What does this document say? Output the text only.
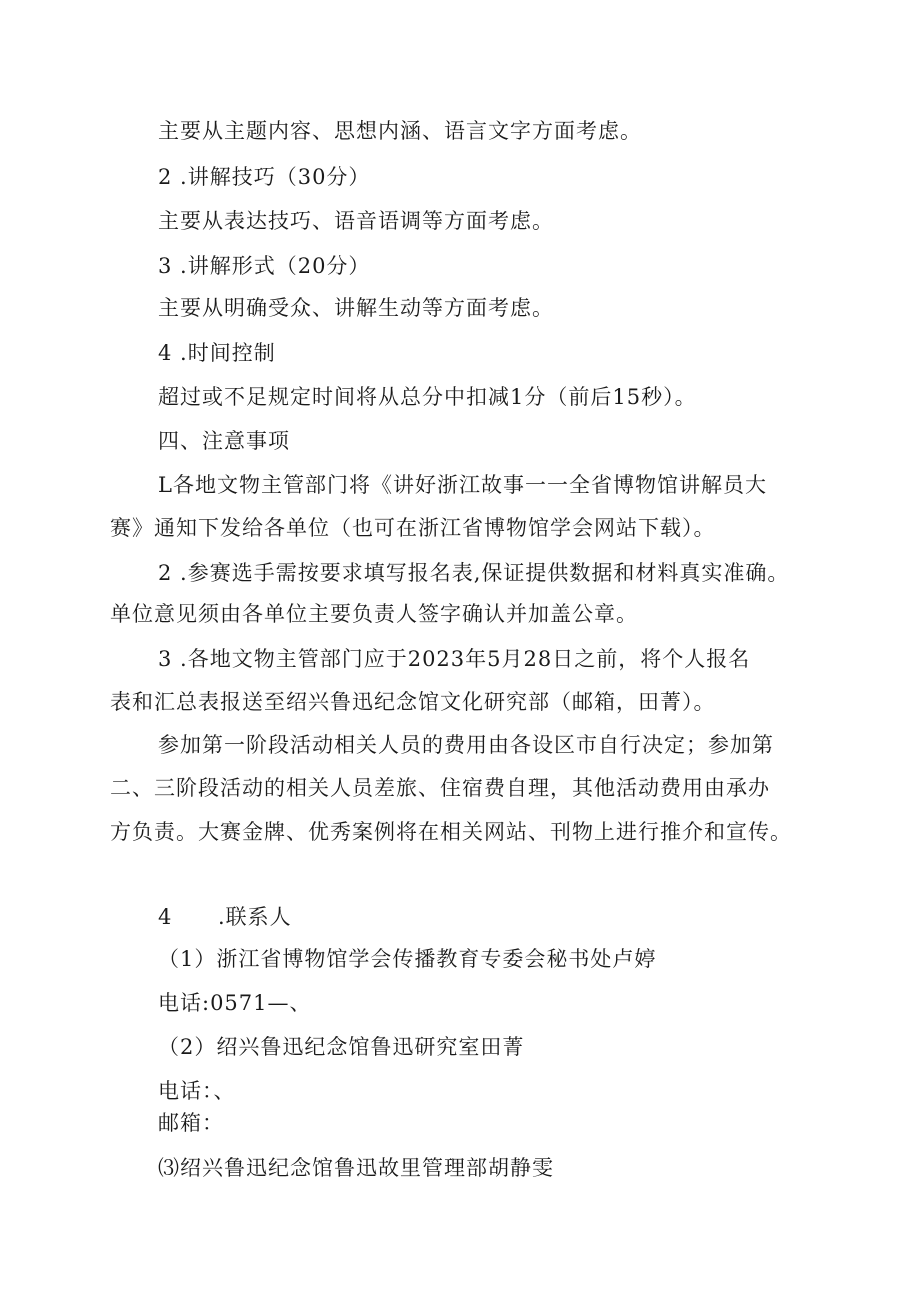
主要从主题内容、思想内涵、语言文字方面考虑。
2 .讲解技巧（30分）
主要从表达技巧、语音语调等方面考虑。
3 .讲解形式（20分）
主要从明确受众、讲解生动等方面考虑。
4 .时间控制
超过或不足规定时间将从总分中扣减1分（前后15秒）。
四、注意事项
L各地文物主管部门将《讲好浙江故事一一全省博物馆讲解员大
赛》通知下发给各单位（也可在浙江省博物馆学会网站下载）。
2 .参赛选手需按要求填写报名表,保证提供数据和材料真实准确。
单位意见须由各单位主要负责人签字确认并加盖公章。
3 .各地文物主管部门应于2023年5月28日之前，将个人报名
表和汇总表报送至绍兴鲁迅纪念馆文化研究部（邮箱，田菁）。
参加第一阶段活动相关人员的费用由各设区市自行决定；参加第
二、三阶段活动的相关人员差旅、住宿费自理，其他活动费用由承办
方负责。大赛金牌、优秀案例将在相关网站、刊物上进行推介和宣传。
4 .联系人
（1）浙江省博物馆学会传播教育专委会秘书处卢婷
电话:0571—、
（2）绍兴鲁迅纪念馆鲁迅研究室田菁
电话：、
邮箱：
⑶绍兴鲁迅纪念馆鲁迅故里管理部胡静雯
